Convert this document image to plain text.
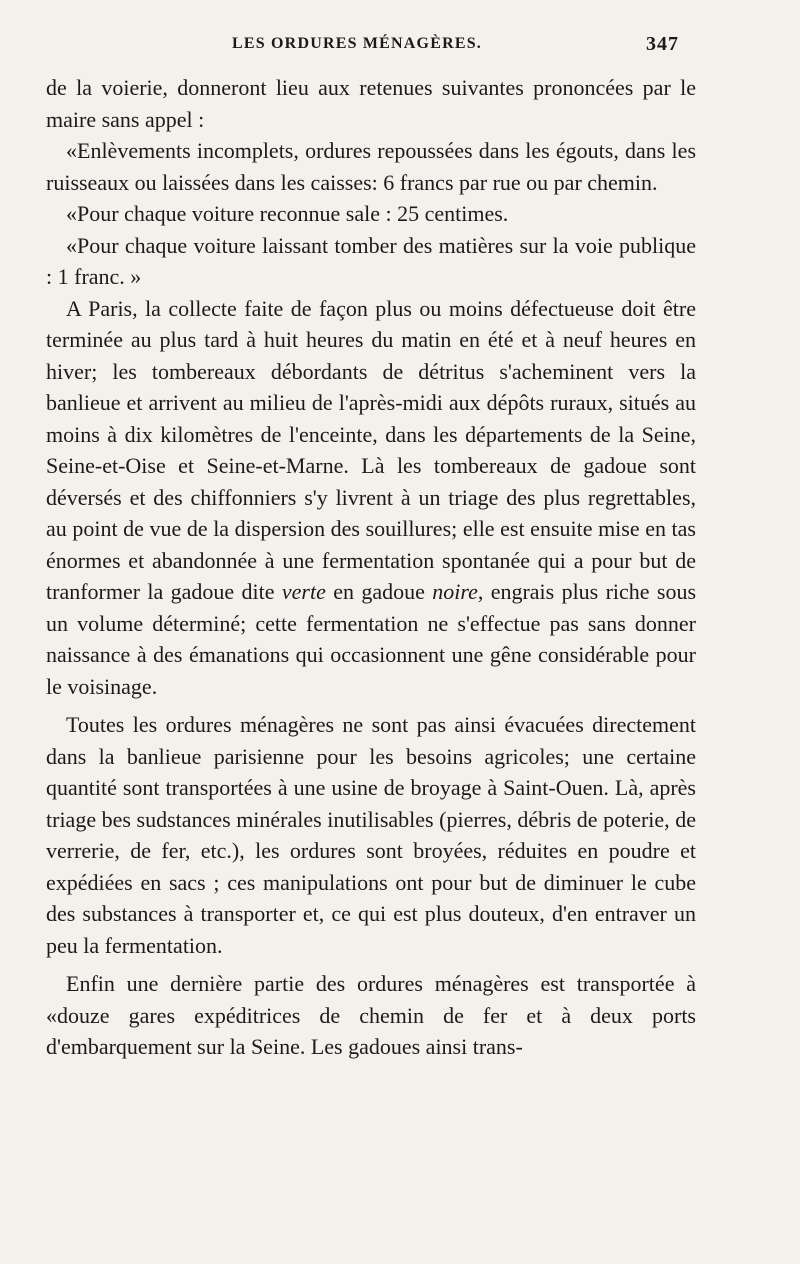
LES ORDURES MÉNAGÈRES.	347

de la voierie, donneront lieu aux retenues suivantes prononcées par le maire sans appel :

«Enlèvements incomplets, ordures repoussées dans les égouts, dans les ruisseaux ou laissées dans les caisses: 6 francs par rue ou par chemin.

«Pour chaque voiture reconnue sale : 25 centimes.

«Pour chaque voiture laissant tomber des matières sur la voie publique : 1 franc. »

A Paris, la collecte faite de façon plus ou moins défectueuse doit être terminée au plus tard à huit heures du matin en été et à neuf heures en hiver; les tombereaux débordants de détritus s'acheminent vers la banlieue et arrivent au milieu de l'après-midi aux dépôts ruraux, situés au moins à dix kilomètres de l'enceinte, dans les départements de la Seine, Seine-et-Oise et Seine-et-Marne. Là les tombereaux de gadoue sont déversés et des chiffonniers s'y livrent à un triage des plus regrettables, au point de vue de la dispersion des souillures; elle est ensuite mise en tas énormes et abandonnée à une fermentation spontanée qui a pour but de tranformer la gadoue dite verte en gadoue noire, engrais plus riche sous un volume déterminé; cette fermentation ne s'effectue pas sans donner naissance à des émanations qui occasionnent une gêne considérable pour le voisinage.

Toutes les ordures ménagères ne sont pas ainsi évacuées directement dans la banlieue parisienne pour les besoins agricoles; une certaine quantité sont transportées à une usine de broyage à Saint-Ouen. Là, après triage bes sudstances minérales inutilisables (pierres, débris de poterie, de verrerie, de fer, etc.), les ordures sont broyées, réduites en poudre et expédiées en sacs ; ces manipulations ont pour but de diminuer le cube des substances à transporter et, ce qui est plus douteux, d'en entraver un peu la fermentation.

Enfin une dernière partie des ordures ménagères est transportée à «douze gares expéditrices de chemin de fer et à deux ports d'embarquement sur la Seine. Les gadoues ainsi trans-
